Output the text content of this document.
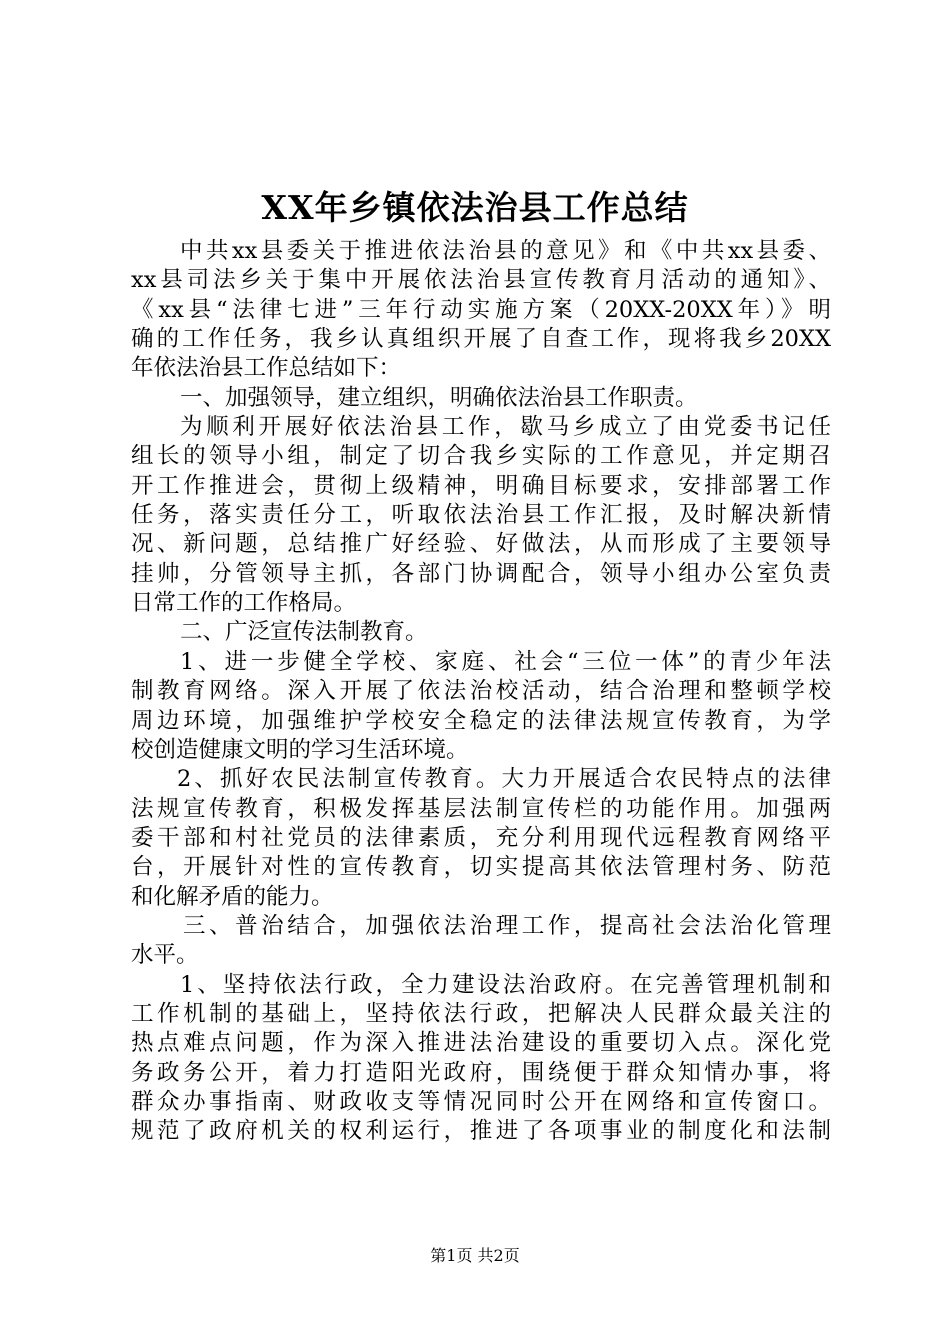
XX年乡镇依法治县工作总结
中共xx县委关于推进依法治县的意见》和《中共xx县委、
xx县司法乡关于集中开展依法治县宣传教育月活动的通知》、
《xx县“法律七进”三年行动实施方案（20XX-20XX年）》明
确的工作任务，我乡认真组织开展了自查工作，现将我乡20XX
年依法治县工作总结如下：
一、加强领导，建立组织，明确依法治县工作职责。
为顺利开展好依法治县工作，歇马乡成立了由党委书记任
组长的领导小组，制定了切合我乡实际的工作意见，并定期召
开工作推进会，贯彻上级精神，明确目标要求，安排部署工作
任务，落实责任分工，听取依法治县工作汇报，及时解决新情
况、新问题，总结推广好经验、好做法，从而形成了主要领导
挂帅，分管领导主抓，各部门协调配合，领导小组办公室负责
日常工作的工作格局。
二、广泛宣传法制教育。
1、进一步健全学校、家庭、社会“三位一体”的青少年法
制教育网络。深入开展了依法治校活动，结合治理和整顿学校
周边环境，加强维护学校安全稳定的法律法规宣传教育，为学
校创造健康文明的学习生活环境。
2、抓好农民法制宣传教育。大力开展适合农民特点的法律
法规宣传教育，积极发挥基层法制宣传栏的功能作用。加强两
委干部和村社党员的法律素质，充分利用现代远程教育网络平
台，开展针对性的宣传教育，切实提高其依法管理村务、防范
和化解矛盾的能力。
三、普治结合，加强依法治理工作，提高社会法治化管理
水平。
1、坚持依法行政，全力建设法治政府。在完善管理机制和
工作机制的基础上，坚持依法行政，把解决人民群众最关注的
热点难点问题，作为深入推进法治建设的重要切入点。深化党
务政务公开，着力打造阳光政府，围绕便于群众知情办事，将
群众办事指南、财政收支等情况同时公开在网络和宣传窗口。
规范了政府机关的权利运行，推进了各项事业的制度化和法制
第1页 共2页
